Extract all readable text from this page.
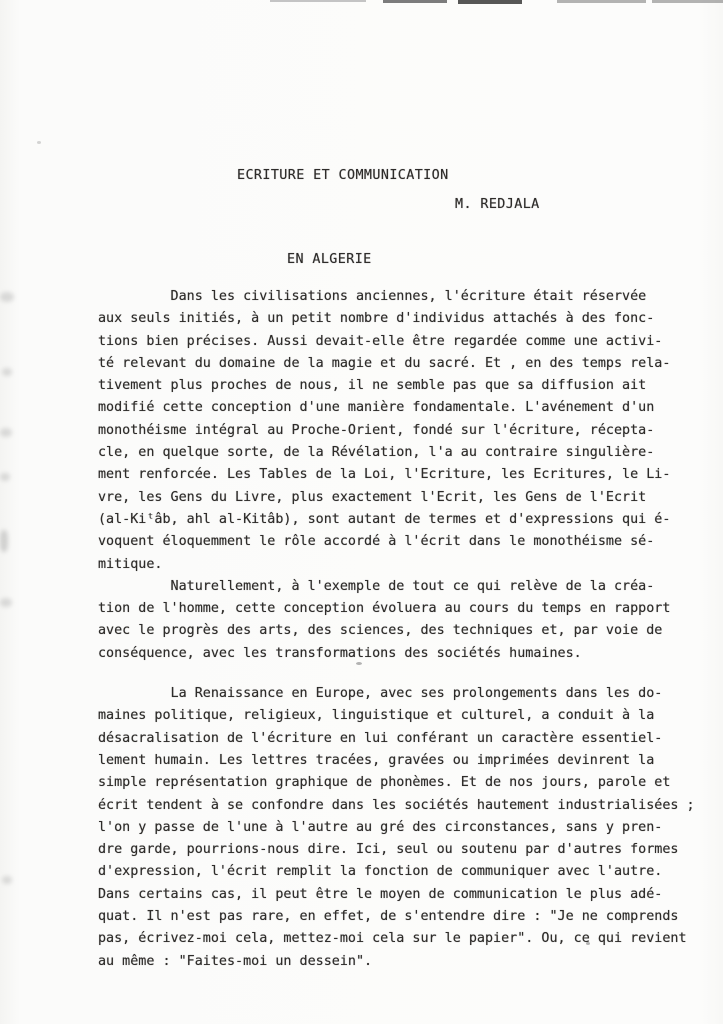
ECRITURE ET COMMUNICATION

EN ALGERIE

M. REDJALA
Dans les civilisations anciennes, l'écriture était réservée
aux seuls initiés, à un petit nombre d'individus attachés à des fonc-
tions bien précises. Aussi devait-elle être regardée comme une activi-
té relevant du domaine de la magie et du sacré. Et , en des temps rela-
tivement plus proches de nous, il ne semble pas que sa diffusion ait
modifié cette conception d'une manière fondamentale. L'avénement d'un
monothéisme intégral au Proche-Orient, fondé sur l'écriture, récepta-
cle, en quelque sorte, de la Révélation, l'a au contraire singulière-
ment renforcée. Les Tables de la Loi, l'Ecriture, les Ecritures, le Li-
vre, les Gens du Livre, plus exactement l'Ecrit, les Gens de l'Ecrit
(al-Kiᵗâb, ahl al-Kitâb), sont autant de termes et d'expressions qui é-
voquent éloquemment le rôle accordé à l'écrit dans le monothéisme sé-
mitique.
Naturellement, à l'exemple de tout ce qui relève de la créa-
tion de l'homme, cette conception évoluera au cours du temps en rapport
avec le progrès des arts, des sciences, des techniques et, par voie de
conséquence, avec les transformations des sociétés humaines.
La Renaissance en Europe, avec ses prolongements dans les do-
maines politique, religieux, linguistique et culturel, a conduit à la
désacralisation de l'écriture en lui conférant un caractère essentiel-
lement humain. Les lettres tracées, gravées ou imprimées devinrent la
simple représentation graphique de phonèmes. Et de nos jours, parole et
écrit tendent à se confondre dans les sociétés hautement industrialisées ;
l'on y passe de l'une à l'autre au gré des circonstances, sans y pren-
dre garde, pourrions-nous dire. Ici, seul ou soutenu par d'autres formes
d'expression, l'écrit remplit la fonction de communiquer avec l'autre.
Dans certains cas, il peut être le moyen de communication le plus adé-
quat. Il n'est pas rare, en effet, de s'entendre dire : "Je ne comprends
pas, écrivez-moi cela, mettez-moi cela sur le papier". Ou, ce qui revient
au même : "Faites-moi un dessein".
